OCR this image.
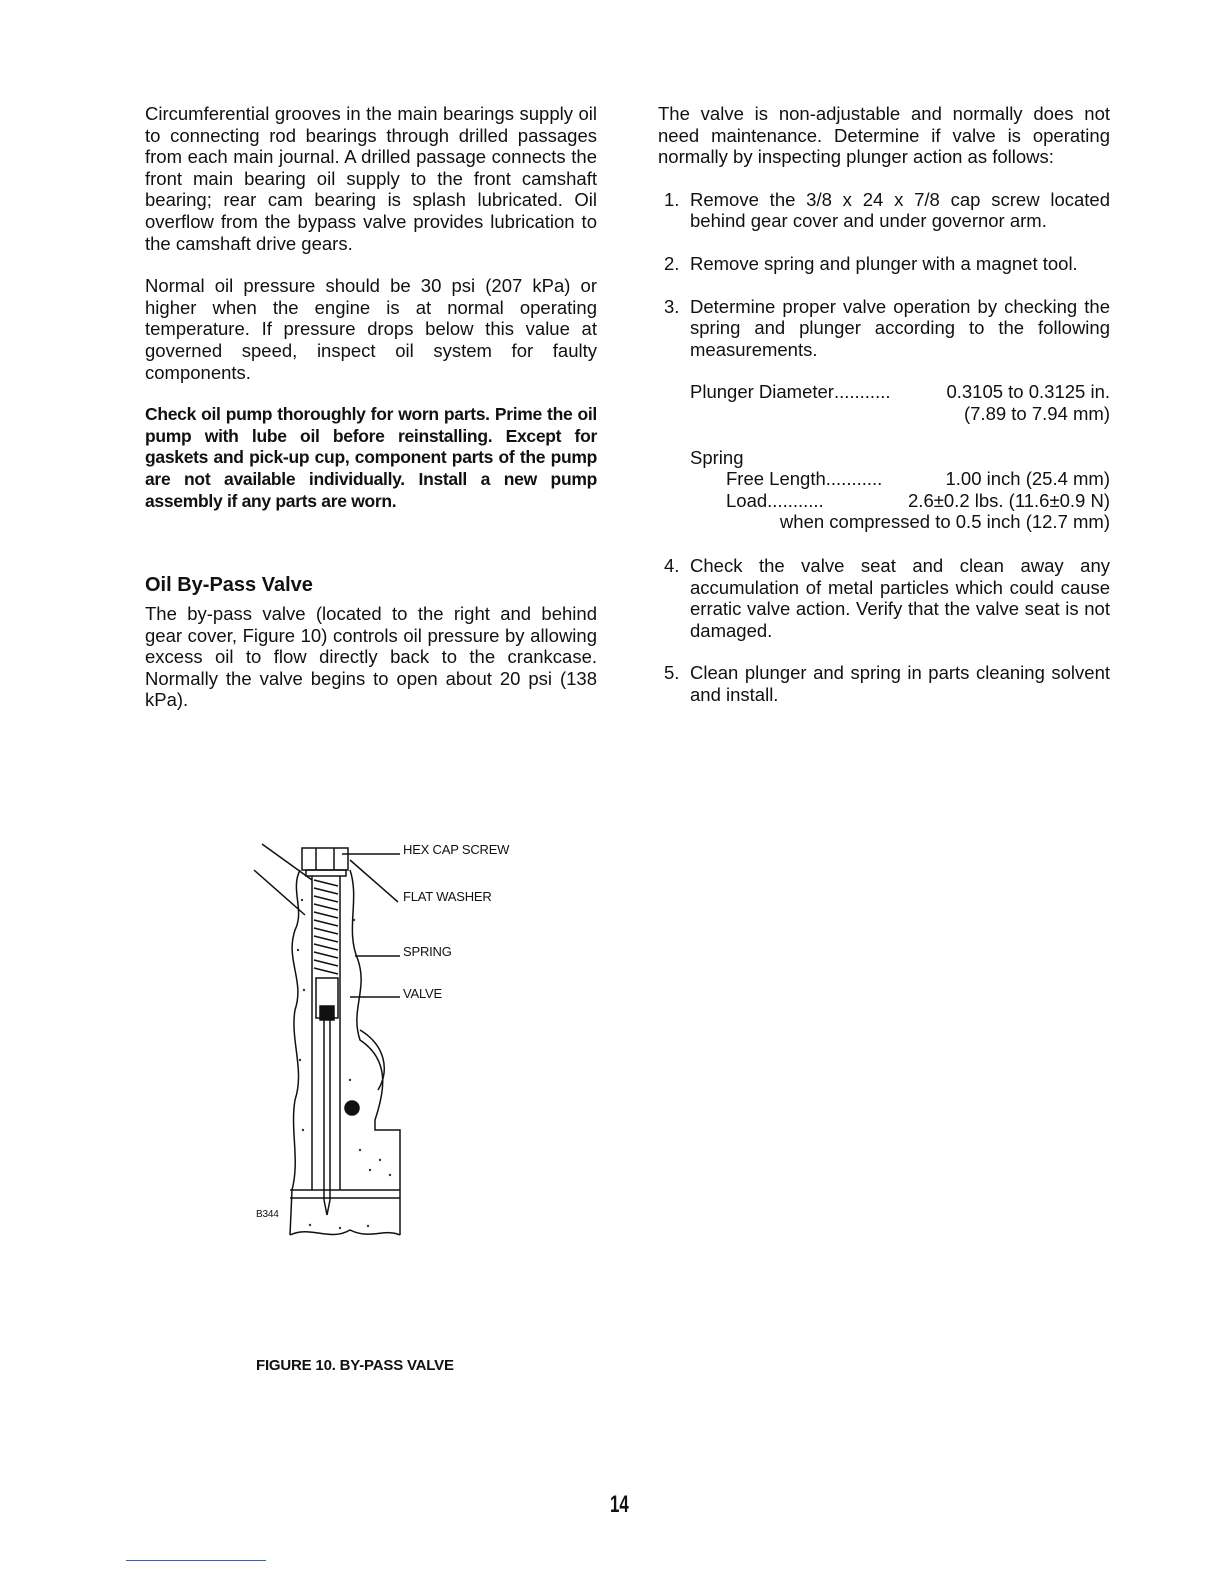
Circumferential grooves in the main bearings supply oil to connecting rod bearings through drilled passages from each main journal. A drilled passage connects the front main bearing oil supply to the front camshaft bearing; rear cam bearing is splash lubricated. Oil overflow from the bypass valve provides lubrication to the camshaft drive gears.

Normal oil pressure should be 30 psi (207 kPa) or higher when the engine is at normal operating temperature. If pressure drops below this value at governed speed, inspect oil system for faulty components.

Check oil pump thoroughly for worn parts. Prime the oil pump with lube oil before reinstalling. Except for gaskets and pick-up cup, component parts of the pump are not available individually. Install a new pump assembly if any parts are worn.

Oil By-Pass Valve

The by-pass valve (located to the right and behind gear cover, Figure 10) controls oil pressure by allowing excess oil to flow directly back to the crankcase. Normally the valve begins to open about 20 psi (138 kPa).

The valve is non-adjustable and normally does not need maintenance. Determine if valve is operating normally by inspecting plunger action as follows:

1. Remove the 3/8 x 24 x 7/8 cap screw located behind gear cover and under governor arm.
2. Remove spring and plunger with a magnet tool.
3. Determine proper valve operation by checking the spring and plunger according to the following measurements.
Plunger Diameter ...........	0.3105 to 0.3125 in.
(7.89 to 7.94 mm)
Spring
Free Length ...........	1.00 inch (25.4 mm)
Load ...........	2.6±0.2 lbs. (11.6±0.9 N)
when compressed to 0.5 inch (12.7 mm)
4. Check the valve seat and clean away any accumulation of metal particles which could cause erratic valve action. Verify that the valve seat is not damaged.
5. Clean plunger and spring in parts cleaning solvent and install.
HEX CAP SCREW
FLAT WASHER
SPRING
VALVE
B344
FIGURE 10. BY-PASS VALVE
14
